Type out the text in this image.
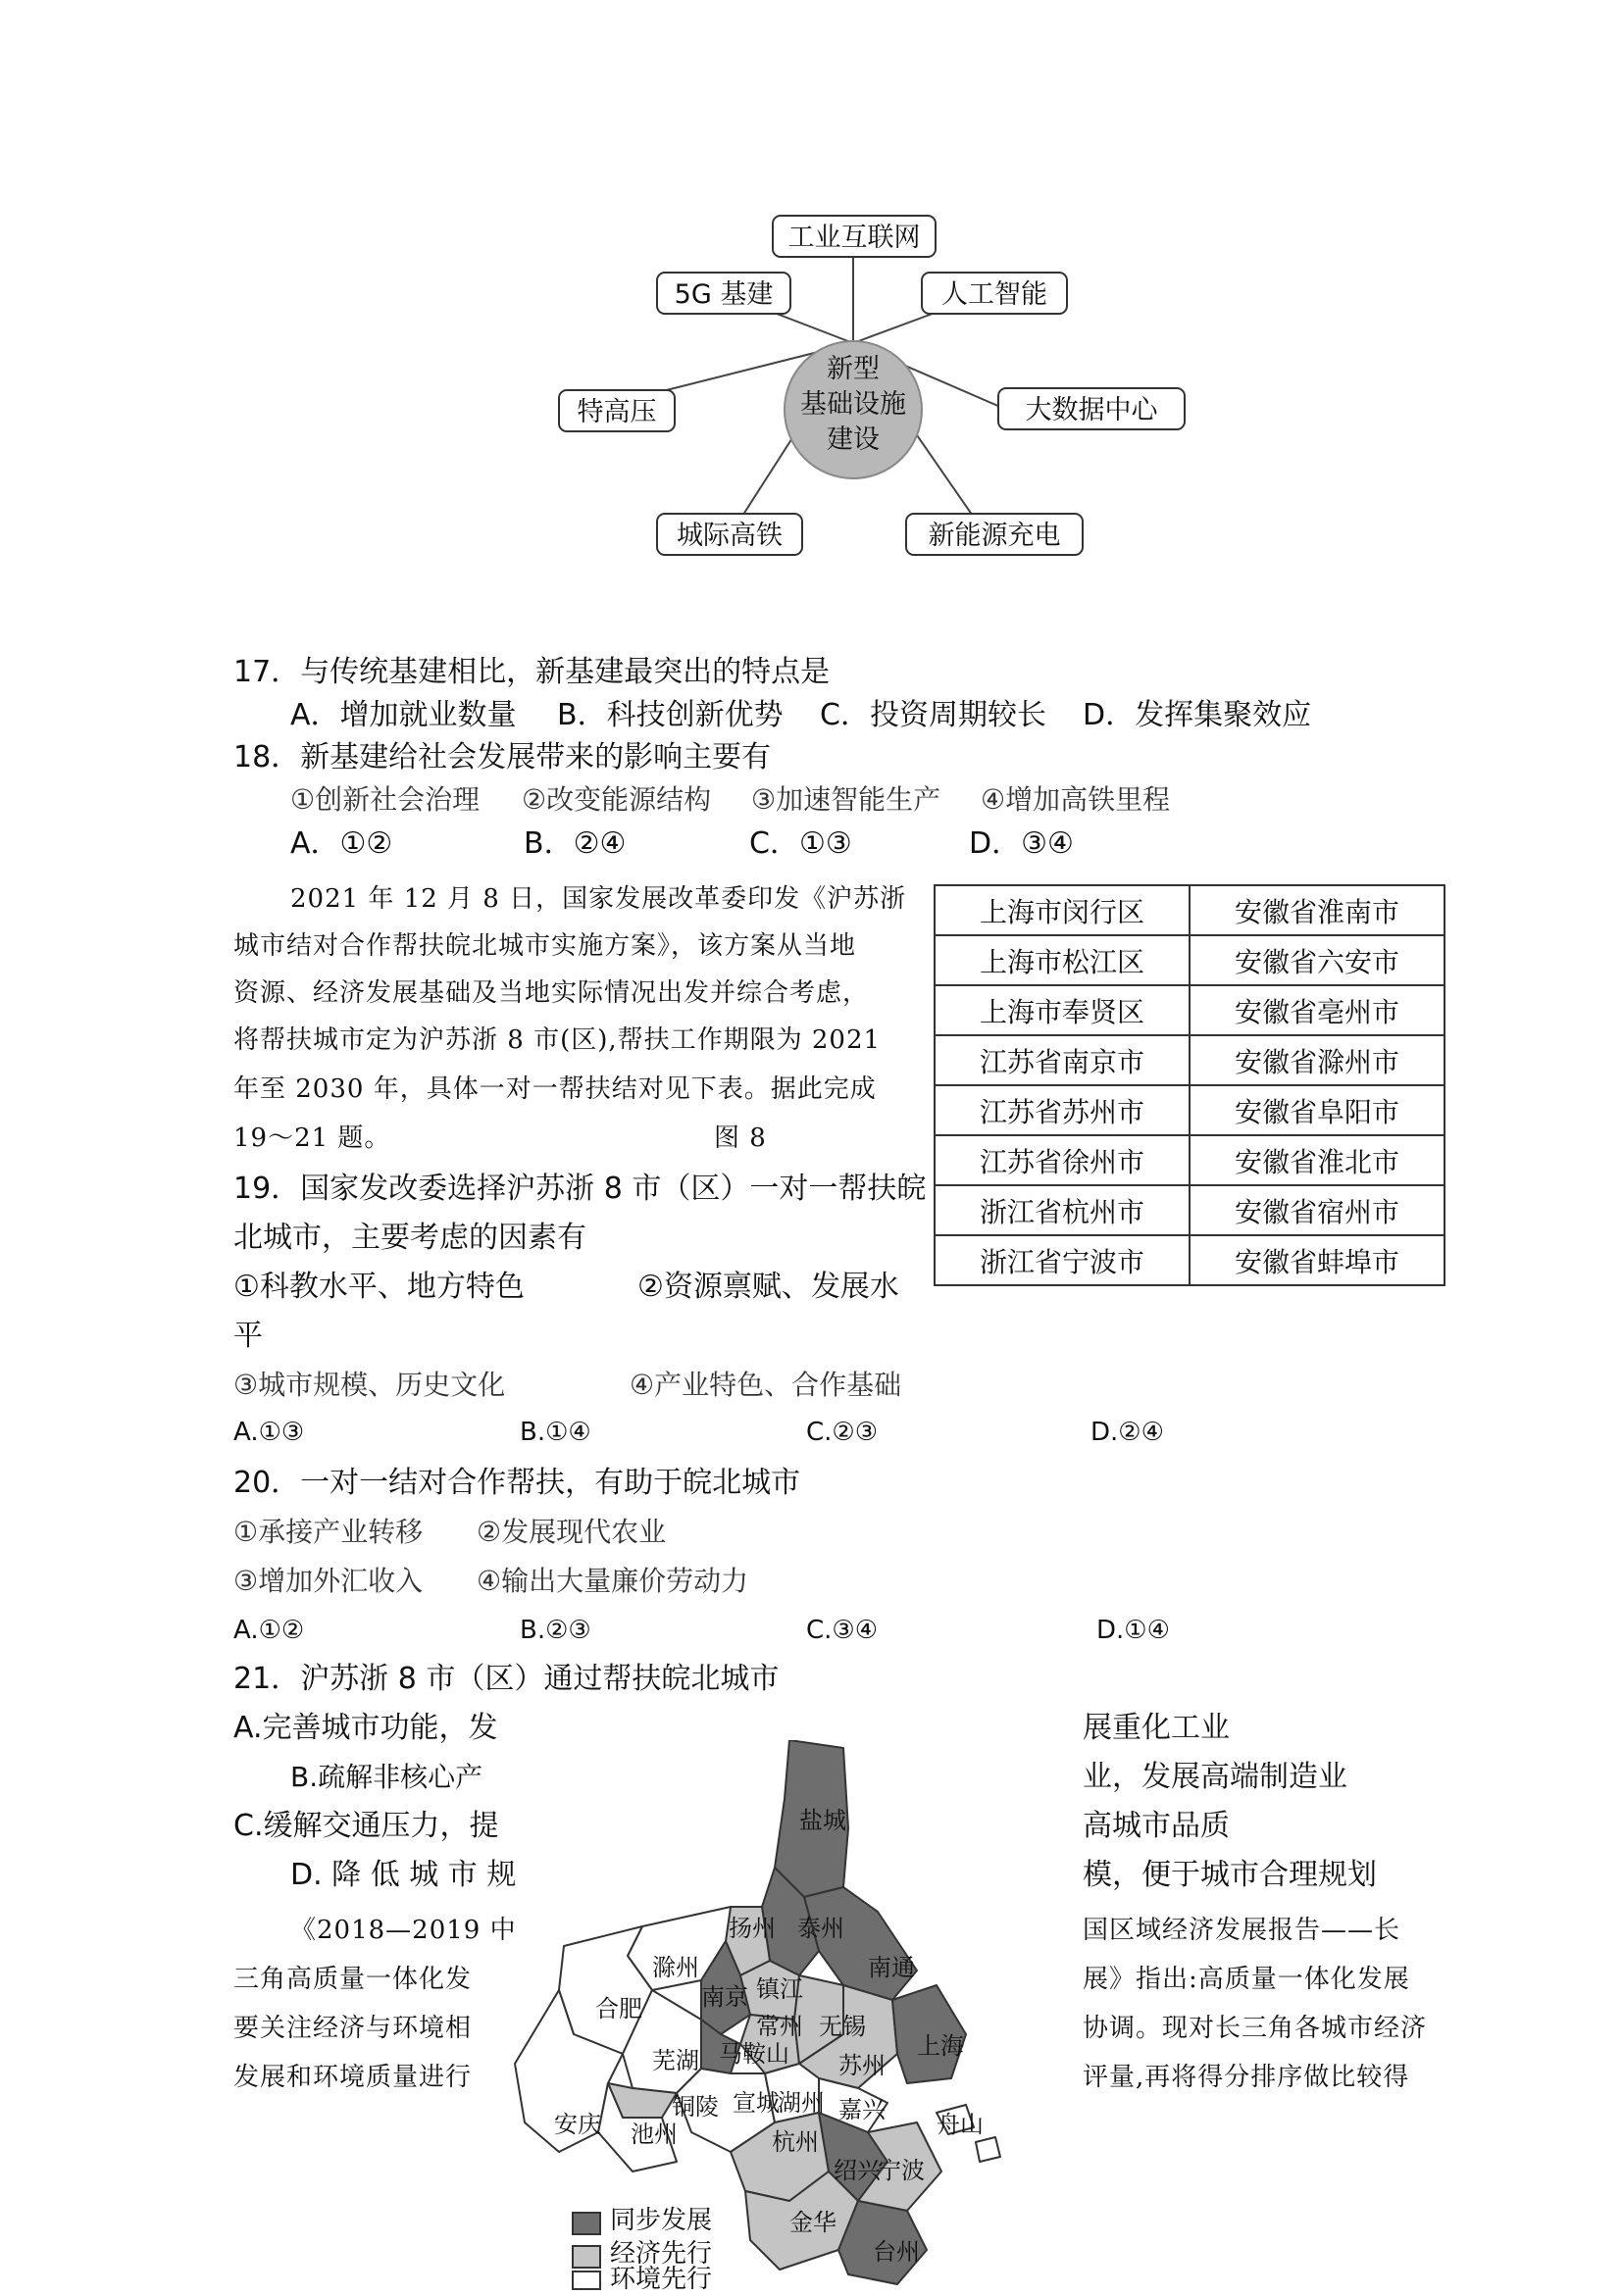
新型
基础设施
建设
工业互联网
人工智能
大数据中心
新能源充电
城际高铁
特高压
5G 基建
17．与传统基建相比，新基建最突出的特点是
A．增加就业数量 B．科技创新优势 C．投资周期较长 D．发挥集聚效应
18．新基建给社会发展带来的影响主要有
①创新社会治理 ②改变能源结构 ③加速智能生产 ④增加高铁里程
A．①②	B．②④	C．①③	D．③④
2021 年 12 月 8 日，国家发展改革委印发《沪苏浙
城市结对合作帮扶皖北城市实施方案》，该方案从当地
资源、经济发展基础及当地实际情况出发并综合考虑，
将帮扶城市定为沪苏浙 8 市(区),帮扶工作期限为 2021
年至 2030 年，具体一对一帮扶结对见下表。据此完成
19～21 题。	图 8
上海市闵行区	安徽省淮南市
上海市松江区	安徽省六安市
上海市奉贤区	安徽省亳州市
江苏省南京市	安徽省滁州市
江苏省苏州市	安徽省阜阳市
江苏省徐州市	安徽省淮北市
浙江省杭州市	安徽省宿州市
浙江省宁波市	安徽省蚌埠市
19．国家发改委选择沪苏浙 8 市（区）一对一帮扶皖
北城市，主要考虑的因素有
①科教水平、地方特色	②资源禀赋、发展水
平
③城市规模、历史文化	④产业特色、合作基础
A.①③	B.①④	C.②③	D.②④
20．一对一结对合作帮扶，有助于皖北城市
①承接产业转移 ②发展现代农业
③增加外汇收入 ④输出大量廉价劳动力
A.①②	B.②③	C.③④	D.①④
21．沪苏浙 8 市（区）通过帮扶皖北城市
A.完善城市功能，发	展重化工业
B.疏解非核心产	业，发展高端制造业
C.缓解交通压力，提	高城市品质
D. 降 低 城 市 规	模，便于城市合理规划
《2018—2019 中
三角高质量一体化发
要关注经济与环境相
发展和环境质量进行
国区域经济发展报告——长
展》指出:高质量一体化发展
协调。现对长三角各城市经济
评量,再将得分排序做比较得
盐城
扬州 泰州
南通
滁州
南京 镇江
合肥
常州 无锡
马鞍山
芜湖	苏州
上海
宣城
铜陵	湖州 嘉兴
安庆 池州	杭州
舟山
绍兴
宁波
金华
台州
同步发展
经济先行
环境先行
